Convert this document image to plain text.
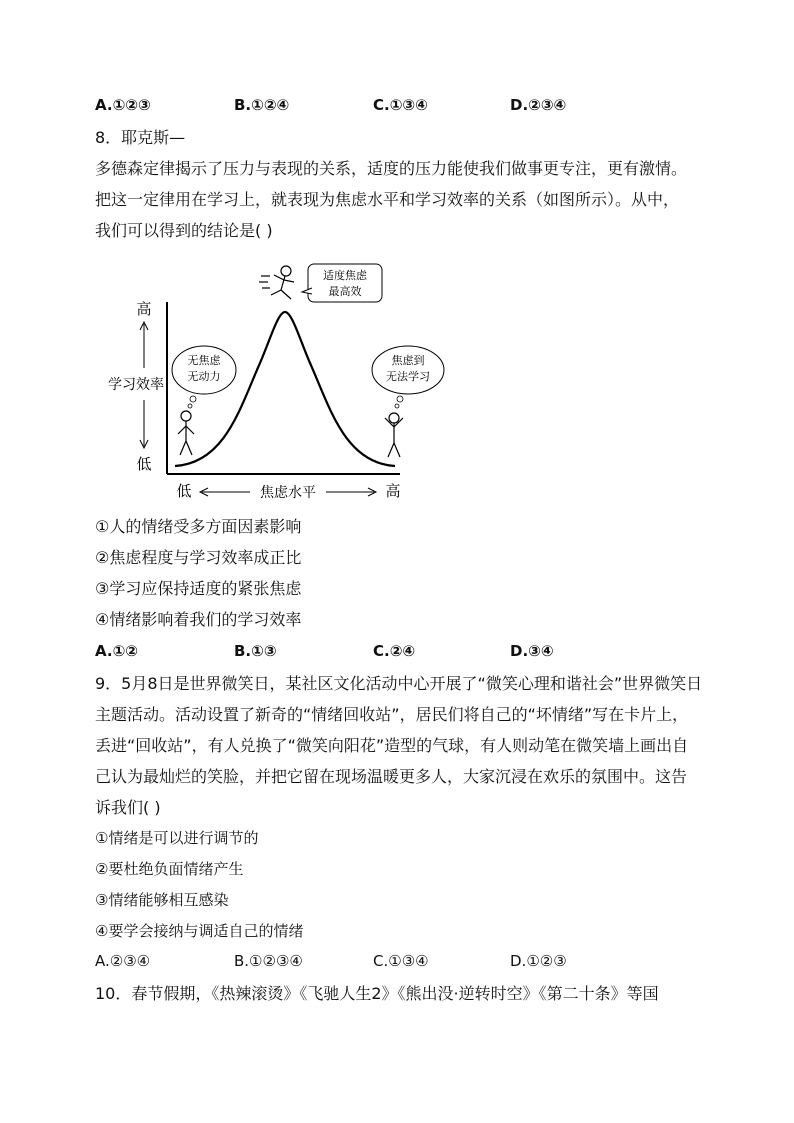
A.①②③	B.①②④	C.①③④	D.②③④
8．耶克斯—
多德森定律揭示了压力与表现的关系，适度的压力能使我们做事更专注，更有激情。
把这一定律用在学习上，就表现为焦虑水平和学习效率的关系（如图所示）。从中，
我们可以得到的结论是( )
高
学习效率
低
低	焦虑水平	高
无焦虑
无动力
适度焦虑
最高效
焦虑到
无法学习
①人的情绪受多方面因素影响
②焦虑程度与学习效率成正比
③学习应保持适度的紧张焦虑
④情绪影响着我们的学习效率
A.①②	B.①③	C.②④	D.③④
9．5月8日是世界微笑日，某社区文化活动中心开展了“微笑心理和谐社会”世界微笑日
主题活动。活动设置了新奇的“情绪回收站”，居民们将自己的“坏情绪”写在卡片上，
丢进“回收站”，有人兑换了“微笑向阳花”造型的气球，有人则动笔在微笑墙上画出自
己认为最灿烂的笑脸，并把它留在现场温暖更多人，大家沉浸在欢乐的氛围中。这告
诉我们( )
①情绪是可以进行调节的
②要杜绝负面情绪产生
③情绪能够相互感染
④要学会接纳与调适自己的情绪
A.②③④	B.①②③④	C.①③④	D.①②③
10．春节假期，《热辣滚烫》《飞驰人生2》《熊出没·逆转时空》《第二十条》等国
